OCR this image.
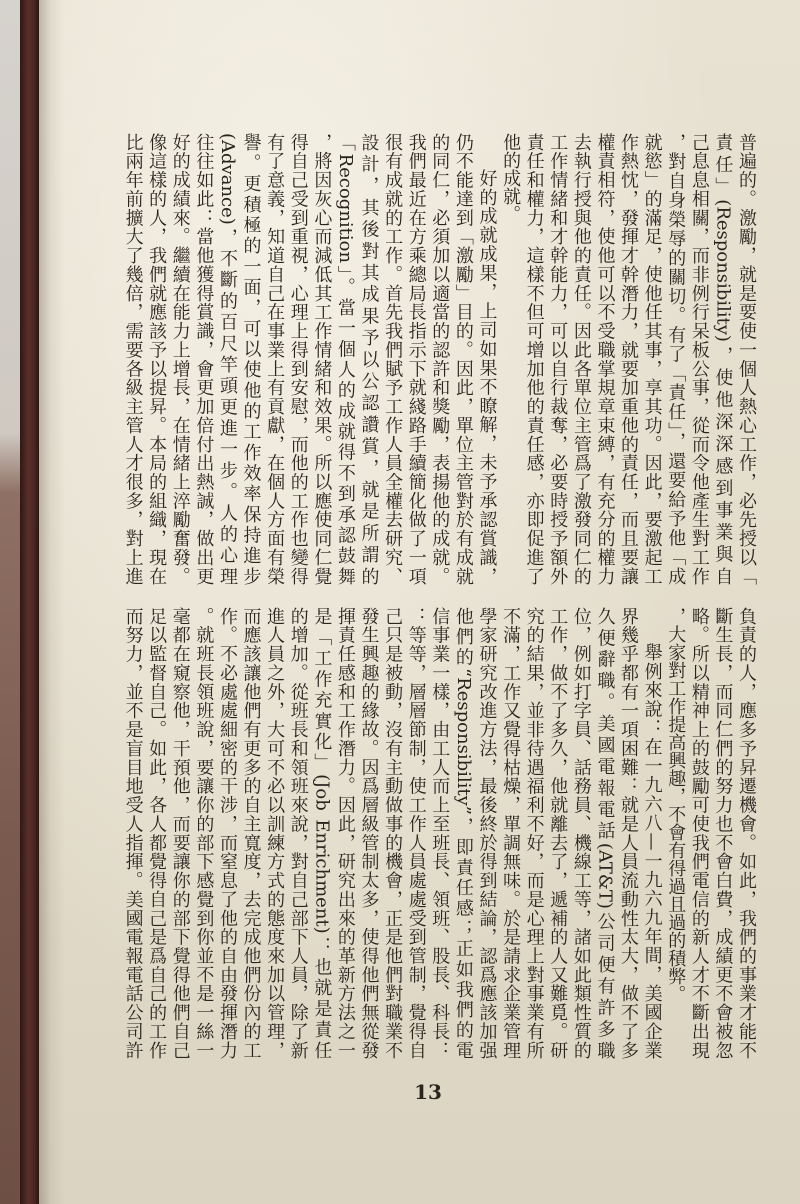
普遍的。激勵，就是要使一個人熱心工作，必先授以「
責任」(Responsibility)，使他深深感到事業與自
己息息相關，而非例行呆板公事，從而令他產生對工作
，對自身榮辱的關切。有了「責任」，還要給予他「成
就慾」的滿足，使他任其事，享其功。因此，要激起工
作熱忱，發揮才幹潛力，就要加重他的責任，而且要讓
權責相符，使他可以不受職掌規章束縛，有充分的權力
去執行授與他的責任。因此各單位主管爲了激發同仁的
工作情緒和才幹能力，可以自行裁奪，必要時授予額外
責任和權力，這樣不但可增加他的責任感，亦即促進了
他的成就。
好的成就成果，上司如果不瞭解，未予承認賞識，
仍不能達到「激勵」目的。因此，單位主管對於有成就
的同仁，必須加以適當的認許和獎勵，表揚他的成就。
我們最近在方乘總局長指示下就綫路手續簡化做了一項
很有成就的工作。首先我們賦予工作人員全權去研究、
設計，其後對其成果予以公認讚賞，就是所謂的
「Recognition」。當一個人的成就得不到承認鼓舞
，將因灰心而減低其工作情緒和效果。所以應使同仁覺
得自己受到重視，心理上得到安慰，而他的工作也變得
有了意義，知道自己在事業上有貢獻，在個人方面有榮
譽。更積極的一面，可以使他的工作效率保持進步
(Advance)，不斷的百尺竿頭更進一步。人的心理
往往如此：當他獲得賞識，會更加倍付出熱誠，做出更
好的成績來。繼續在能力上增長，在情緒上淬勵奮發。
像這樣的人，我們就應該予以提昇。本局的組織，現在
比兩年前擴大了幾倍，需要各級主管人才很多，對上進
負責的人，應多予昇遷機會。如此，我們的事業才能不
斷生長，而同仁們的努力也不會白費，成績更不會被忽
略。所以精神上的鼓勵可使我們電信的新人才不斷出現
，大家對工作提高興趣，不會有得過且過的積弊。
舉例來說：在一九六八—一九六九年間，美國企業
界幾乎都有一項困難：就是人員流動性太大，做不了多
久便辭職。美國電報電話(AT&T)公司便有許多職
位，例如打字員、話務員、機線工等，諸如此類性質的
工作，做不了多久，他就離去了，遞補的人又難覓。研
究的結果，並非待遇福利不好，而是心理上對事業有所
不滿，工作又覺得枯燥，單調無味。於是請求企業管理
學家研究改進方法，最後終於得到結論，認爲應該加强
他們的“Responsibility”，即責任感；正如我們的電
信事業一樣，由工人而上至班長、領班、股長、科長：
：等等，層層節制，使工作人員處處受到管制，覺得自
己只是被動，沒有主動做事的機會，正是他們對職業不
發生興趣的緣故。因爲層級管制太多，使得他們無從發
揮責任感和工作潛力。因此，研究出來的革新方法之一
是「工作充實化」(Job Enrichment)：也就是責任
的增加。從班長和領班來說，對自己部下人員，除了新
進人員之外，大可不必以訓練方式的態度來加以管理，
而應該讓他們有更多的自主寬度，去完成他們份內的工
作。不必處處細密的干涉，而窒息了他的自由發揮潛力
。就班長領班說，要讓你的部下感覺到你並不是一絲一
毫都在窺察他，干預他，而要讓你的部下覺得他們自己
足以監督自己。如此，各人都覺得自己是爲自己的工作
而努力，並不是盲目地受人指揮。美國電報電話公司許
13
